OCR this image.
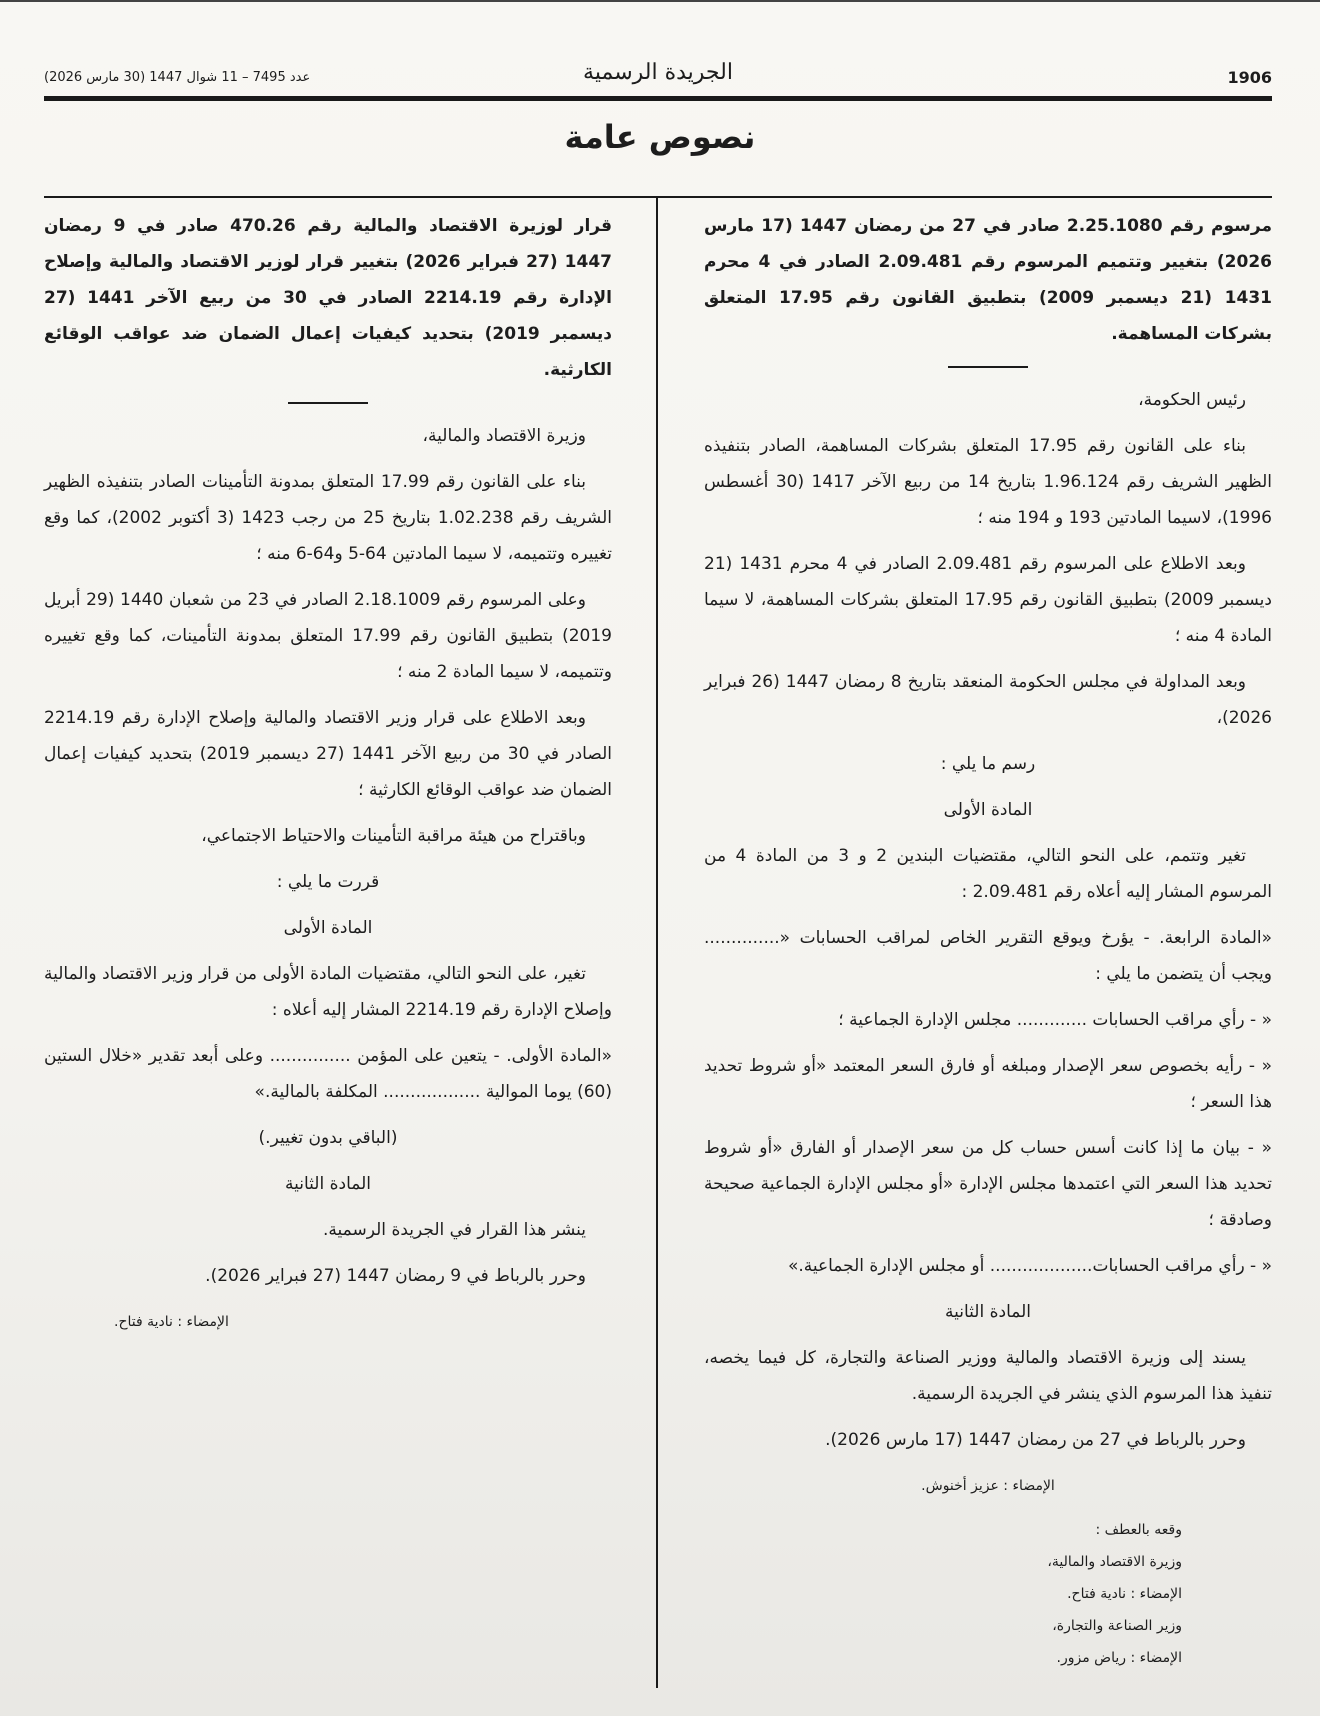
عدد 7495 – 11 شوال 1447 (30 مارس 2026)	الجريدة الرسمية	1906
نصوص عامة

مرسوم رقم 2.25.1080 صادر في 27 من رمضان 1447 (17 مارس 2026) بتغيير وتتميم المرسوم رقم 2.09.481 الصادر في 4 محرم 1431 (21 ديسمبر 2009) بتطبيق القانون رقم 17.95 المتعلق بشركات المساهمة.

رئيس الحكومة،

بناء على القانون رقم 17.95 المتعلق بشركات المساهمة، الصادر بتنفيذه الظهير الشريف رقم 1.96.124 بتاريخ 14 من ربيع الآخر 1417 (30 أغسطس 1996)، لاسيما المادتين 193 و 194 منه ؛

وبعد الاطلاع على المرسوم رقم 2.09.481 الصادر في 4 محرم 1431 (21 ديسمبر 2009) بتطبيق القانون رقم 17.95 المتعلق بشركات المساهمة، لا سيما المادة 4 منه ؛

وبعد المداولة في مجلس الحكومة المنعقد بتاريخ 8 رمضان 1447 (26 فبراير 2026)،

رسم ما يلي :

المادة الأولى

تغير وتتمم، على النحو التالي، مقتضيات البندين 2 و 3 من المادة 4 من المرسوم المشار إليه أعلاه رقم 2.09.481 :

«المادة الرابعة. - يؤرخ ويوقع التقرير الخاص لمراقب الحسابات «.............. ويجب أن يتضمن ما يلي :

« - رأي مراقب الحسابات ............. مجلس الإدارة الجماعية ؛

« - رأيه بخصوص سعر الإصدار ومبلغه أو فارق السعر المعتمد «أو شروط تحديد هذا السعر ؛

« - بيان ما إذا كانت أسس حساب كل من سعر الإصدار أو الفارق «أو شروط تحديد هذا السعر التي اعتمدها مجلس الإدارة «أو مجلس الإدارة الجماعية صحيحة وصادقة ؛

« - رأي مراقب الحسابات................... أو مجلس الإدارة الجماعية.»

المادة الثانية

يسند إلى وزيرة الاقتصاد والمالية ووزير الصناعة والتجارة، كل فيما يخصه، تنفيذ هذا المرسوم الذي ينشر في الجريدة الرسمية.

وحرر بالرباط في 27 من رمضان 1447 (17 مارس 2026).

الإمضاء : عزيز أخنوش.

وقعه بالعطف :
وزيرة الاقتصاد والمالية،
الإمضاء : نادية فتاح.
وزير الصناعة والتجارة،
الإمضاء : رياض مزور.

قرار لوزيرة الاقتصاد والمالية رقم 470.26 صادر في 9 رمضان 1447 (27 فبراير 2026) بتغيير قرار لوزير الاقتصاد والمالية وإصلاح الإدارة رقم 2214.19 الصادر في 30 من ربيع الآخر 1441 (27 ديسمبر 2019) بتحديد كيفيات إعمال الضمان ضد عواقب الوقائع الكارثية.

وزيرة الاقتصاد والمالية،

بناء على القانون رقم 17.99 المتعلق بمدونة التأمينات الصادر بتنفيذه الظهير الشريف رقم 1.02.238 بتاريخ 25 من رجب 1423 (3 أكتوبر 2002)، كما وقع تغييره وتتميمه، لا سيما المادتين 64-5 و64-6 منه ؛

وعلى المرسوم رقم 2.18.1009 الصادر في 23 من شعبان 1440 (29 أبريل 2019) بتطبيق القانون رقم 17.99 المتعلق بمدونة التأمينات، كما وقع تغييره وتتميمه، لا سيما المادة 2 منه ؛

وبعد الاطلاع على قرار وزير الاقتصاد والمالية وإصلاح الإدارة رقم 2214.19 الصادر في 30 من ربيع الآخر 1441 (27 ديسمبر 2019) بتحديد كيفيات إعمال الضمان ضد عواقب الوقائع الكارثية ؛

وباقتراح من هيئة مراقبة التأمينات والاحتياط الاجتماعي،

قررت ما يلي :

المادة الأولى

تغير، على النحو التالي، مقتضيات المادة الأولى من قرار وزير الاقتصاد والمالية وإصلاح الإدارة رقم 2214.19 المشار إليه أعلاه :

«المادة الأولى. - يتعين على المؤمن ............... وعلى أبعد تقدير «خلال الستين (60) يوما الموالية .................. المكلفة بالمالية.»

(الباقي بدون تغيير.)

المادة الثانية

ينشر هذا القرار في الجريدة الرسمية.

وحرر بالرباط في 9 رمضان 1447 (27 فبراير 2026).

الإمضاء : نادية فتاح.
